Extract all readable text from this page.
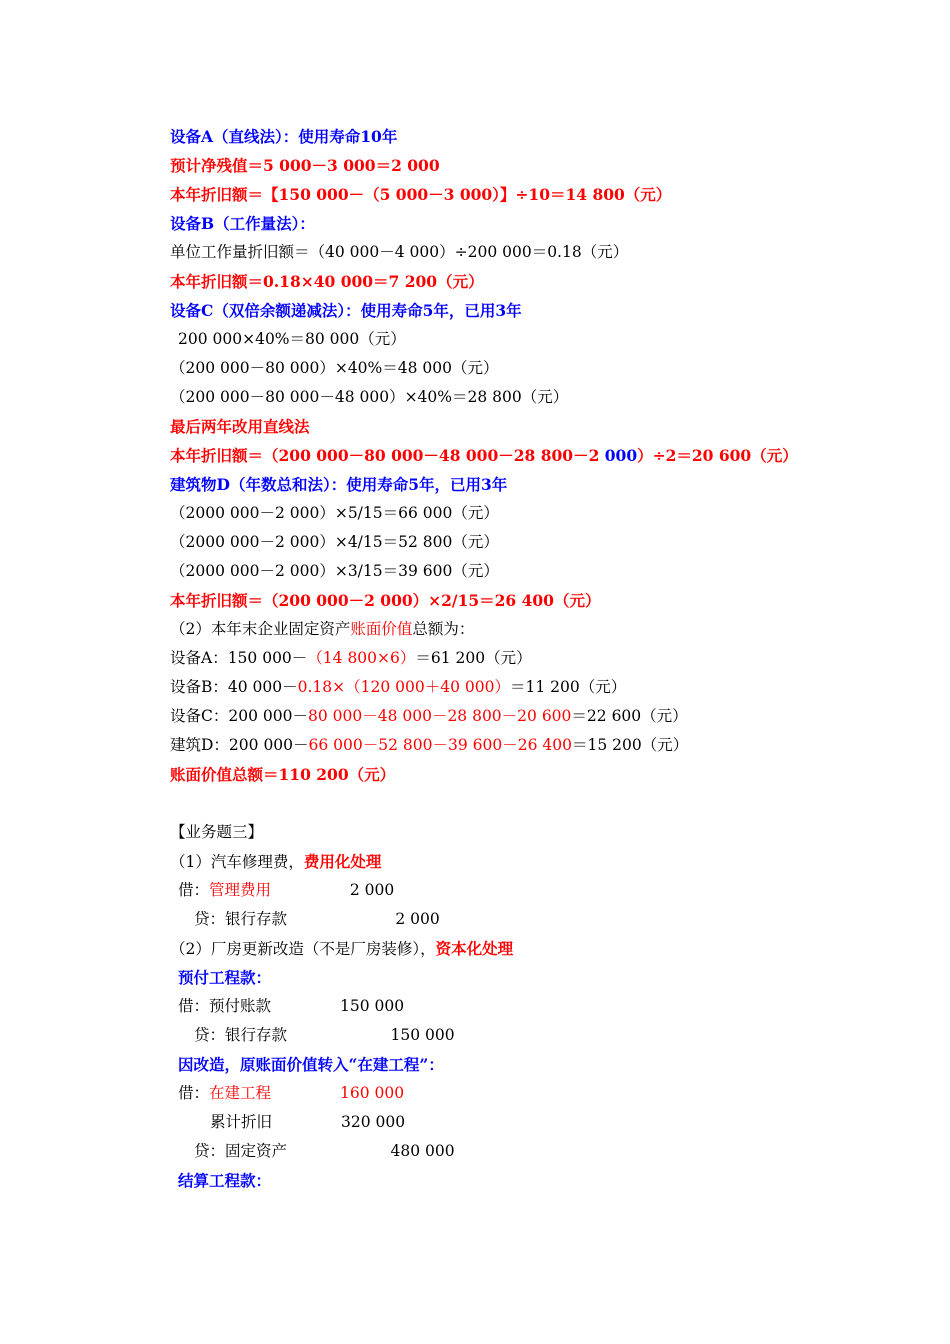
设备A（直线法）：使用寿命10年
预计净残值＝5 000－3 000＝2 000
本年折旧额＝【150 000－（5 000－3 000）】÷10＝14 800（元）
设备B（工作量法）：
单位工作量折旧额＝（40 000－4 000）÷200 000＝0.18（元）
本年折旧额＝0.18×40 000＝7 200（元）
设备C（双倍余额递减法）：使用寿命5年，已用3年
200 000×40%＝80 000（元）
（200 000－80 000）×40%＝48 000（元）
（200 000－80 000－48 000）×40%＝28 800（元）
最后两年改用直线法
本年折旧额＝（200 000－80 000－48 000－28 800－2 000）÷2＝20 600（元）
建筑物D（年数总和法）：使用寿命5年，已用3年
（2000 000－2 000）×5/15＝66 000（元）
（2000 000－2 000）×4/15＝52 800（元）
（2000 000－2 000）×3/15＝39 600（元）
本年折旧额＝（200 000－2 000）×2/15＝26 400（元）
（2）本年末企业固定资产账面价值总额为：
设备A：150 000－（14 800×6）＝61 200（元）
设备B：40 000－0.18×（120 000＋40 000）＝11 200（元）
设备C：200 000－80 000－48 000－28 800－20 600＝22 600（元）
建筑D：200 000－66 000－52 800－39 600－26 400＝15 200（元）
账面价值总额＝110 200（元）
【业务题三】
（1）汽车修理费，费用化处理
借：管理费用                2 000
贷：银行存款                      2 000
（2）厂房更新改造（不是厂房装修），资本化处理
预付工程款：
借：预付账款              150 000
贷：银行存款                     150 000
因改造，原账面价值转入“在建工程”：
借：在建工程              160 000
累计折旧              320 000
贷：固定资产                     480 000
结算工程款：
